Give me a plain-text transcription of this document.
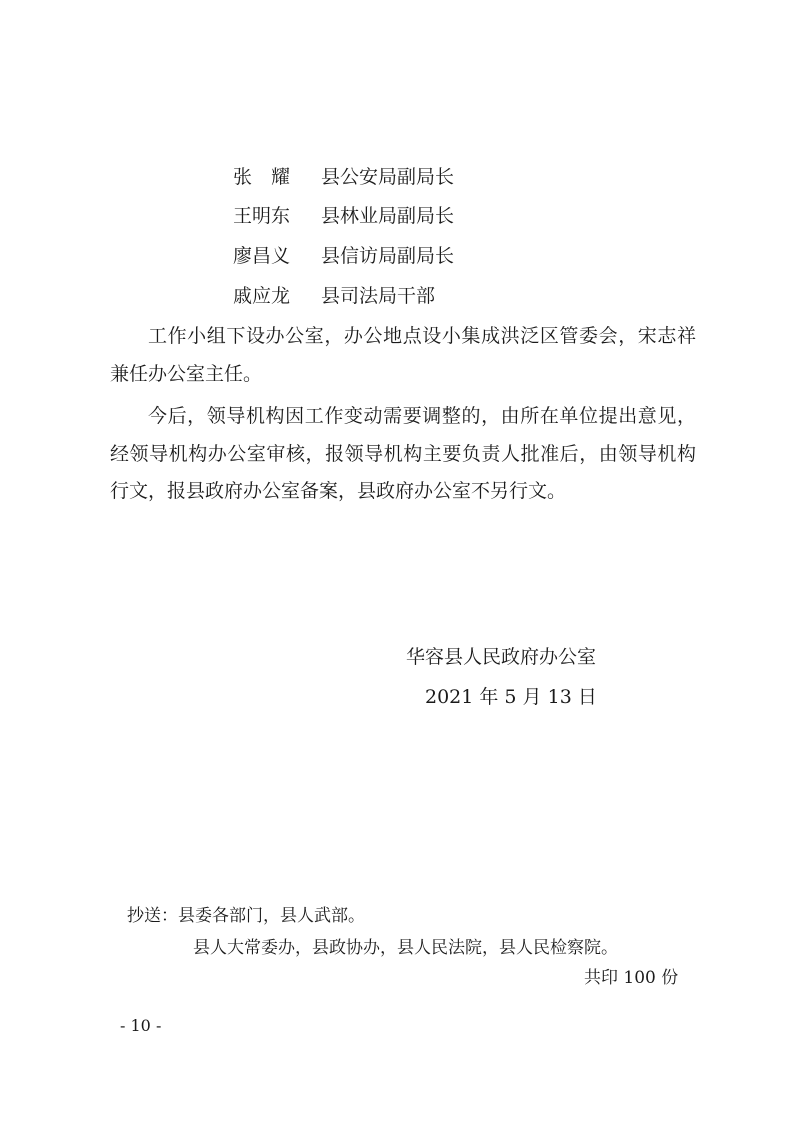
张耀 县公安局副局长
王明东	县林业局副局长
廖昌义	县信访局副局长
戚应龙	县司法局干部
工作小组下设办公室，办公地点设小集成洪泛区管委会，宋志祥兼任办公室主任。
今后，领导机构因工作变动需要调整的，由所在单位提出意见，经领导机构办公室审核，报领导机构主要负责人批准后，由领导机构行文，报县政府办公室备案，县政府办公室不另行文。
华容县人民政府办公室
2021 年 5 月 13 日
抄送：县委各部门，县人武部。
县人大常委办，县政协办，县人民法院，县人民检察院。
共印 100 份
- 10 -
